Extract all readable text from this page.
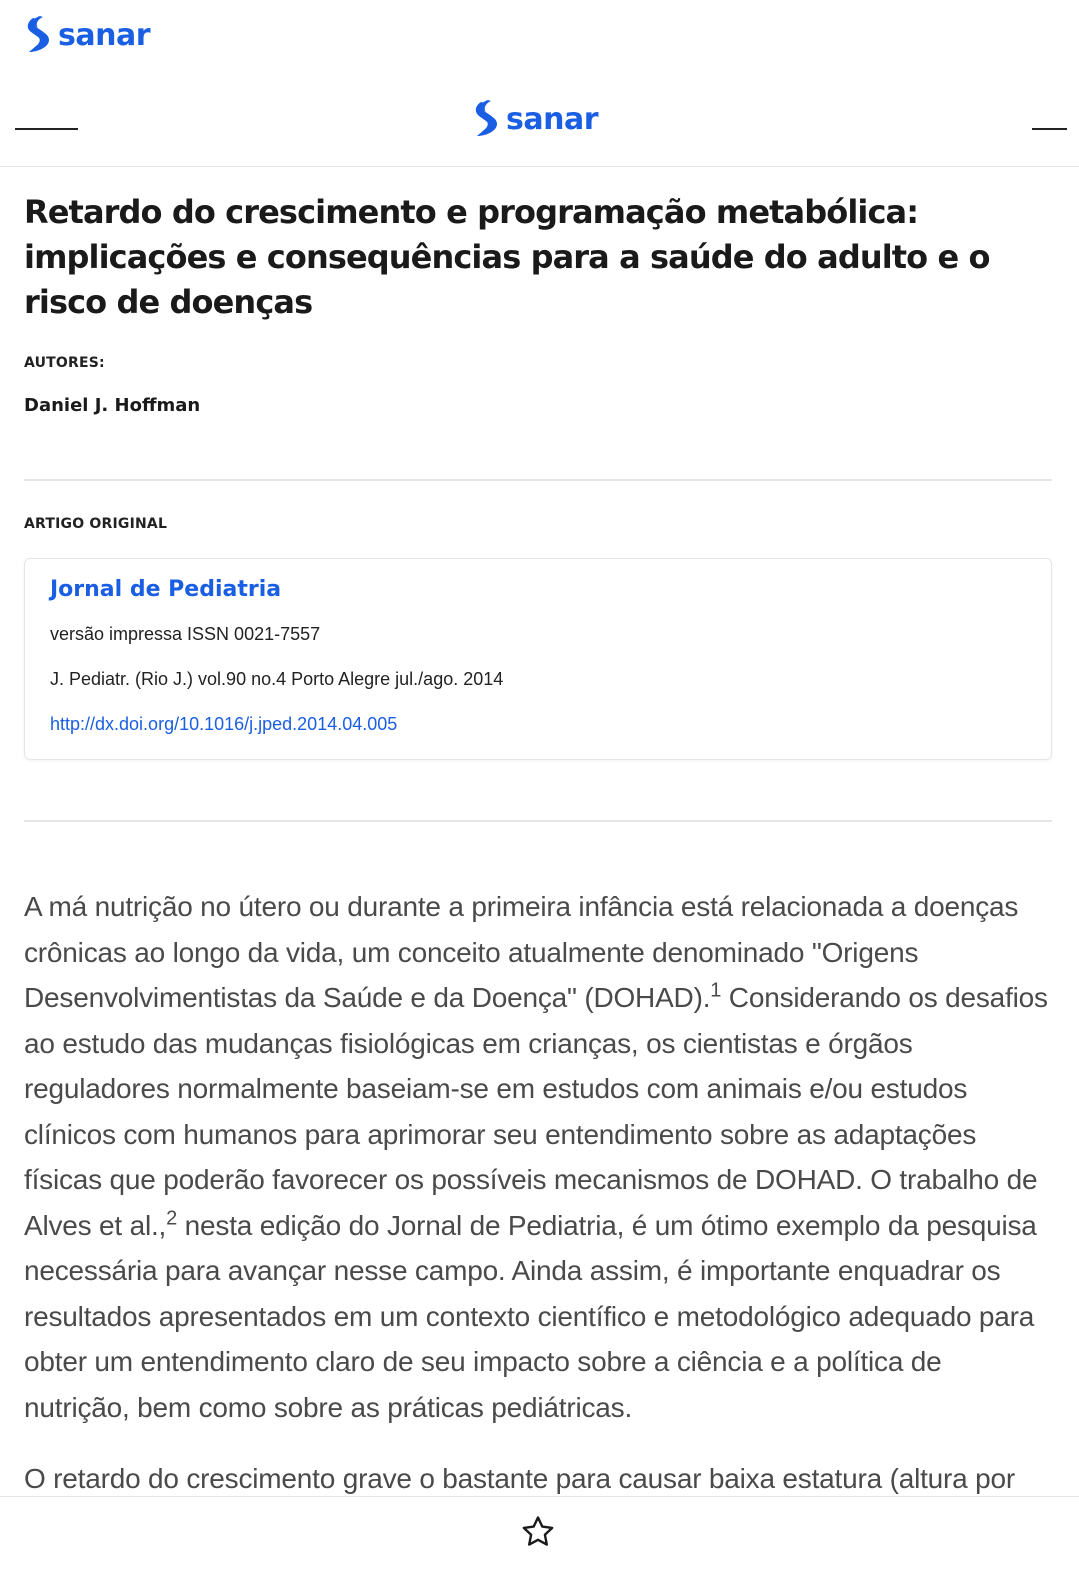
sanar
sanar
Retardo do crescimento e programação metabólica: implicações e consequências para a saúde do adulto e o risco de doenças
AUTORES:
Daniel J. Hoffman
ARTIGO ORIGINAL
Jornal de Pediatria
versão impressa ISSN 0021-7557
J. Pediatr. (Rio J.) vol.90 no.4 Porto Alegre jul./ago. 2014
http://dx.doi.org/10.1016/j.jped.2014.04.005

A má nutrição no útero ou durante a primeira infância está relacionada a doenças crônicas ao longo da vida, um conceito atualmente denominado "Origens Desenvolvimentistas da Saúde e da Doença" (DOHAD).$^1$ Considerando os desafios ao estudo das mudanças fisiológicas em crianças, os cientistas e órgãos reguladores normalmente baseiam-se em estudos com animais e/ou estudos clínicos com humanos para aprimorar seu entendimento sobre as adaptações físicas que poderão favorecer os possíveis mecanismos de DOHAD. O trabalho de Alves et al.,$^2$ nesta edição do Jornal de Pediatria, é um ótimo exemplo da pesquisa necessária para avançar nesse campo. Ainda assim, é importante enquadrar os resultados apresentados em um contexto científico e metodológico adequado para obter um entendimento claro de seu impacto sobre a ciência e a política de nutrição, bem como sobre as práticas pediátricas.

O retardo do crescimento grave o bastante para causar baixa estatura (altura por
